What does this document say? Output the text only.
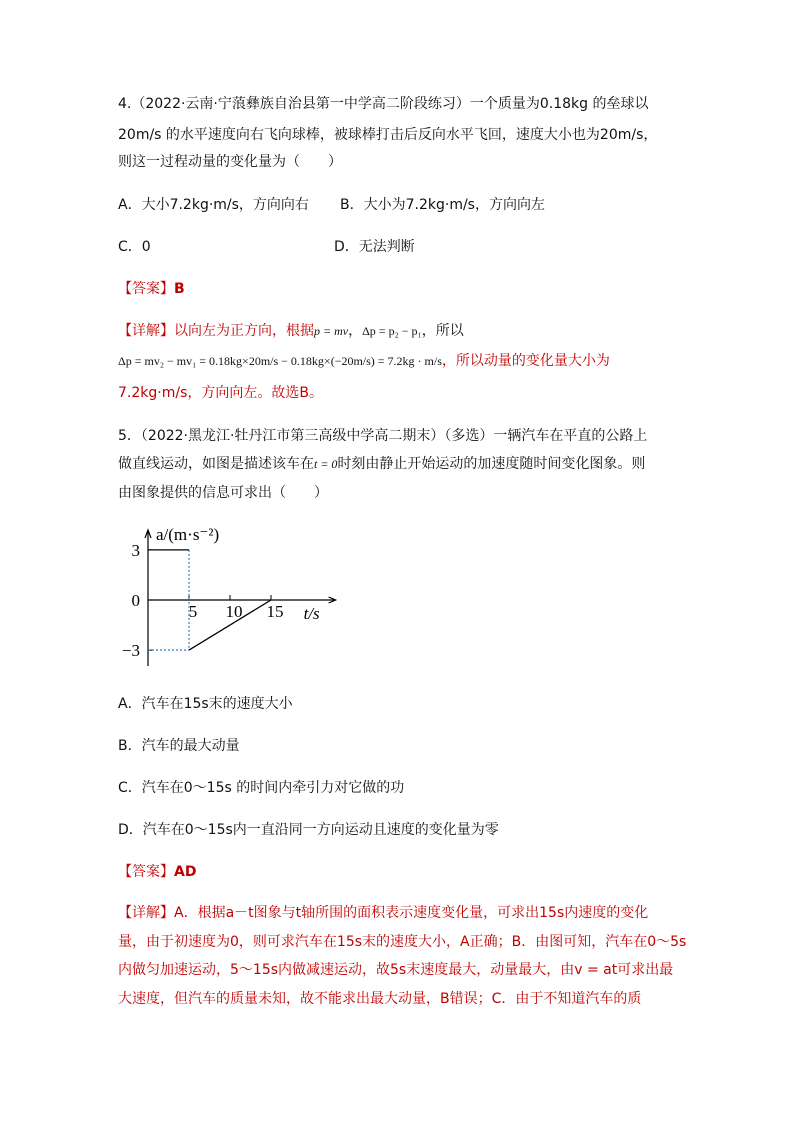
4.（2022·云南·宁蒗彝族自治县第一中学高二阶段练习）一个质量为0.18kg 的垒球以
20m/s 的水平速度向右飞向球棒，被球棒打击后反向水平飞回，速度大小也为20m/s，
则这一过程动量的变化量为（　　）
A．大小7.2kg·m/s，方向向右 B．大小为7.2kg·m/s，方向向左
C．0	D．无法判断
【答案】B
【详解】以向左为正方向，根据p = mv，Δp = p₂ − p₁，所以
Δp = mv₂ − mv₁ = 0.18kg×20m/s − 0.18kg×(−20m/s) = 7.2kg · m/s，所以动量的变化量大小为
7.2kg·m/s，方向向左。故选B。
5．（2022·黑龙江·牡丹江市第三高级中学高二期末）（多选）一辆汽车在平直的公路上
做直线运动，如图是描述该车在t = 0时刻由静止开始运动的加速度随时间变化图象。则
由图象提供的信息可求出（　　）
5 10 15
3
0
−3
a/(m·s⁻²)
t/s
A．汽车在15s末的速度大小
B．汽车的最大动量
C．汽车在0～15s 的时间内牵引力对它做的功
D．汽车在0～15s内一直沿同一方向运动且速度的变化量为零
【答案】AD
【详解】A．根据a－t图象与t轴所围的面积表示速度变化量，可求出15s内速度的变化
量，由于初速度为0，则可求汽车在15s末的速度大小，A正确；B．由图可知，汽车在0～5s
内做匀加速运动，5～15s内做减速运动，故5s末速度最大，动量最大，由v = at可求出最
大速度，但汽车的质量未知，故不能求出最大动量，B错误；C．由于不知道汽车的质
